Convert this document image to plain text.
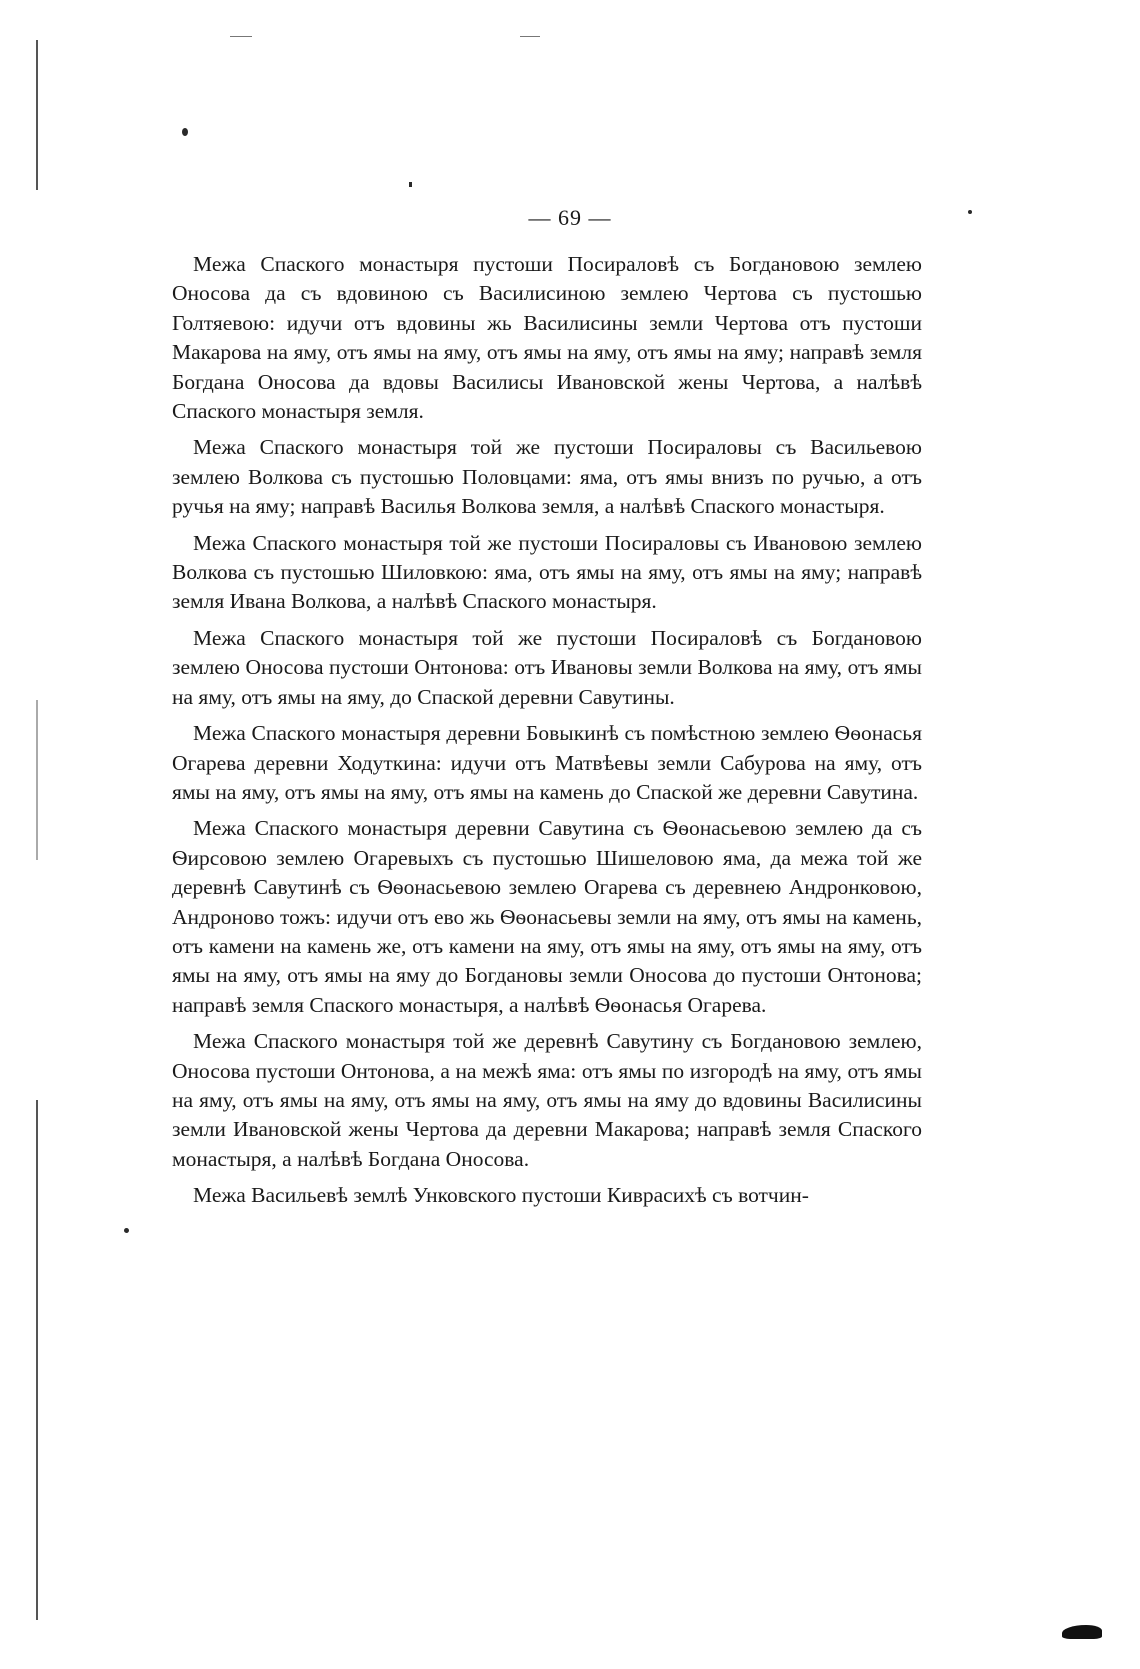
— 69 —

Межа Спаского монастыря пустоши Посираловѣ съ Богдановою землею Оносова да съ вдовиною съ Василисиною землею Чертова съ пустошью Голтяевою: идучи отъ вдовины жь Василисины земли Чертова отъ пустоши Макарова на яму, отъ ямы на яму, отъ ямы на яму, отъ ямы на яму; направѣ земля Богдана Оносова да вдовы Василисы Ивановской жены Чертова, а налѣвѣ Спаского монастыря земля.

Межа Спаского монастыря той же пустоши Посираловы съ Васильевою землею Волкова съ пустошью Половцами: яма, отъ ямы внизъ по ручью, а отъ ручья на яму; направѣ Василья Волкова земля, а налѣвѣ Спаского монастыря.

Межа Спаского монастыря той же пустоши Посираловы съ Ивановою землею Волкова съ пустошью Шиловкою: яма, отъ ямы на яму, отъ ямы на яму; направѣ земля Ивана Волкова, а налѣвѣ Спаского монастыря.

Межа Спаского монастыря той же пустоши Посираловѣ съ Богдановою землею Оносова пустоши Онтонова: отъ Ивановы земли Волкова на яму, отъ ямы на яму, отъ ямы на яму, до Спаской деревни Савутины.

Межа Спаского монастыря деревни Бовыкинѣ съ помѣстною землею Ѳѳонасья Огарева деревни Ходуткина: идучи отъ Матвѣевы земли Сабурова на яму, отъ ямы на яму, отъ ямы на яму, отъ ямы на камень до Спаской же деревни Савутина.

Межа Спаского монастыря деревни Савутина съ Ѳѳонасьевою землею да съ Ѳирсовою землею Огаревыхъ съ пустошью Шишеловою яма, да межа той же деревнѣ Савутинѣ съ Ѳѳонасьевою землею Огарева съ деревнею Андронковою, Андроново тожъ: идучи отъ ево жь Ѳѳонасьевы земли на яму, отъ ямы на камень, отъ камени на камень же, отъ камени на яму, отъ ямы на яму, отъ ямы на яму, отъ ямы на яму, отъ ямы на яму до Богдановы земли Оносова до пустоши Онтонова; направѣ земля Спаского монастыря, а налѣвѣ Ѳѳонасья Огарева.

Межа Спаского монастыря той же деревнѣ Савутину съ Богдановою землею, Оносова пустоши Онтонова, а на межѣ яма: отъ ямы по изгородѣ на яму, отъ ямы на яму, отъ ямы на яму, отъ ямы на яму, отъ ямы на яму до вдовины Василисины земли Ивановской жены Чертова да деревни Макарова; направѣ земля Спаского монастыря, а налѣвѣ Богдана Оносова.

Межа Васильевѣ землѣ Унковского пустоши Киврасихѣ съ вотчин-
